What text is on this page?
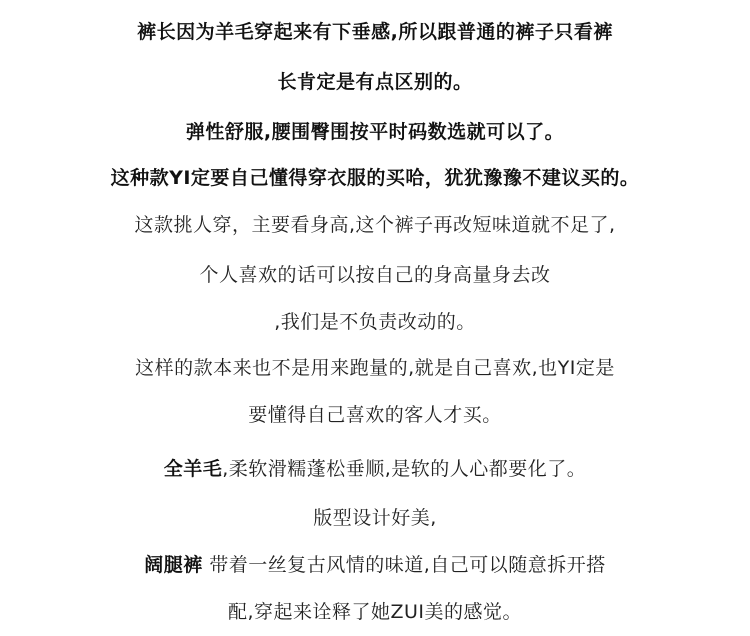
裤长因为羊毛穿起来有下垂感,所以跟普通的裤子只看裤
长肯定是有点区别的。
弹性舒服,腰围臀围按平时码数选就可以了。
这种款YI定要自己懂得穿衣服的买哈，犹犹豫豫不建议买的。
这款挑人穿，主要看身高,这个裤子再改短味道就不足了,
个人喜欢的话可以按自己的身高量身去改
,我们是不负责改动的。
这样的款本来也不是用来跑量的,就是自己喜欢,也YI定是
要懂得自己喜欢的客人才买。
全羊毛,柔软滑糯蓬松垂顺,是软的人心都要化了。
版型设计好美,
阔腿裤 带着一丝复古风情的味道,自己可以随意拆开搭
配,穿起来诠释了她ZUI美的感觉。
